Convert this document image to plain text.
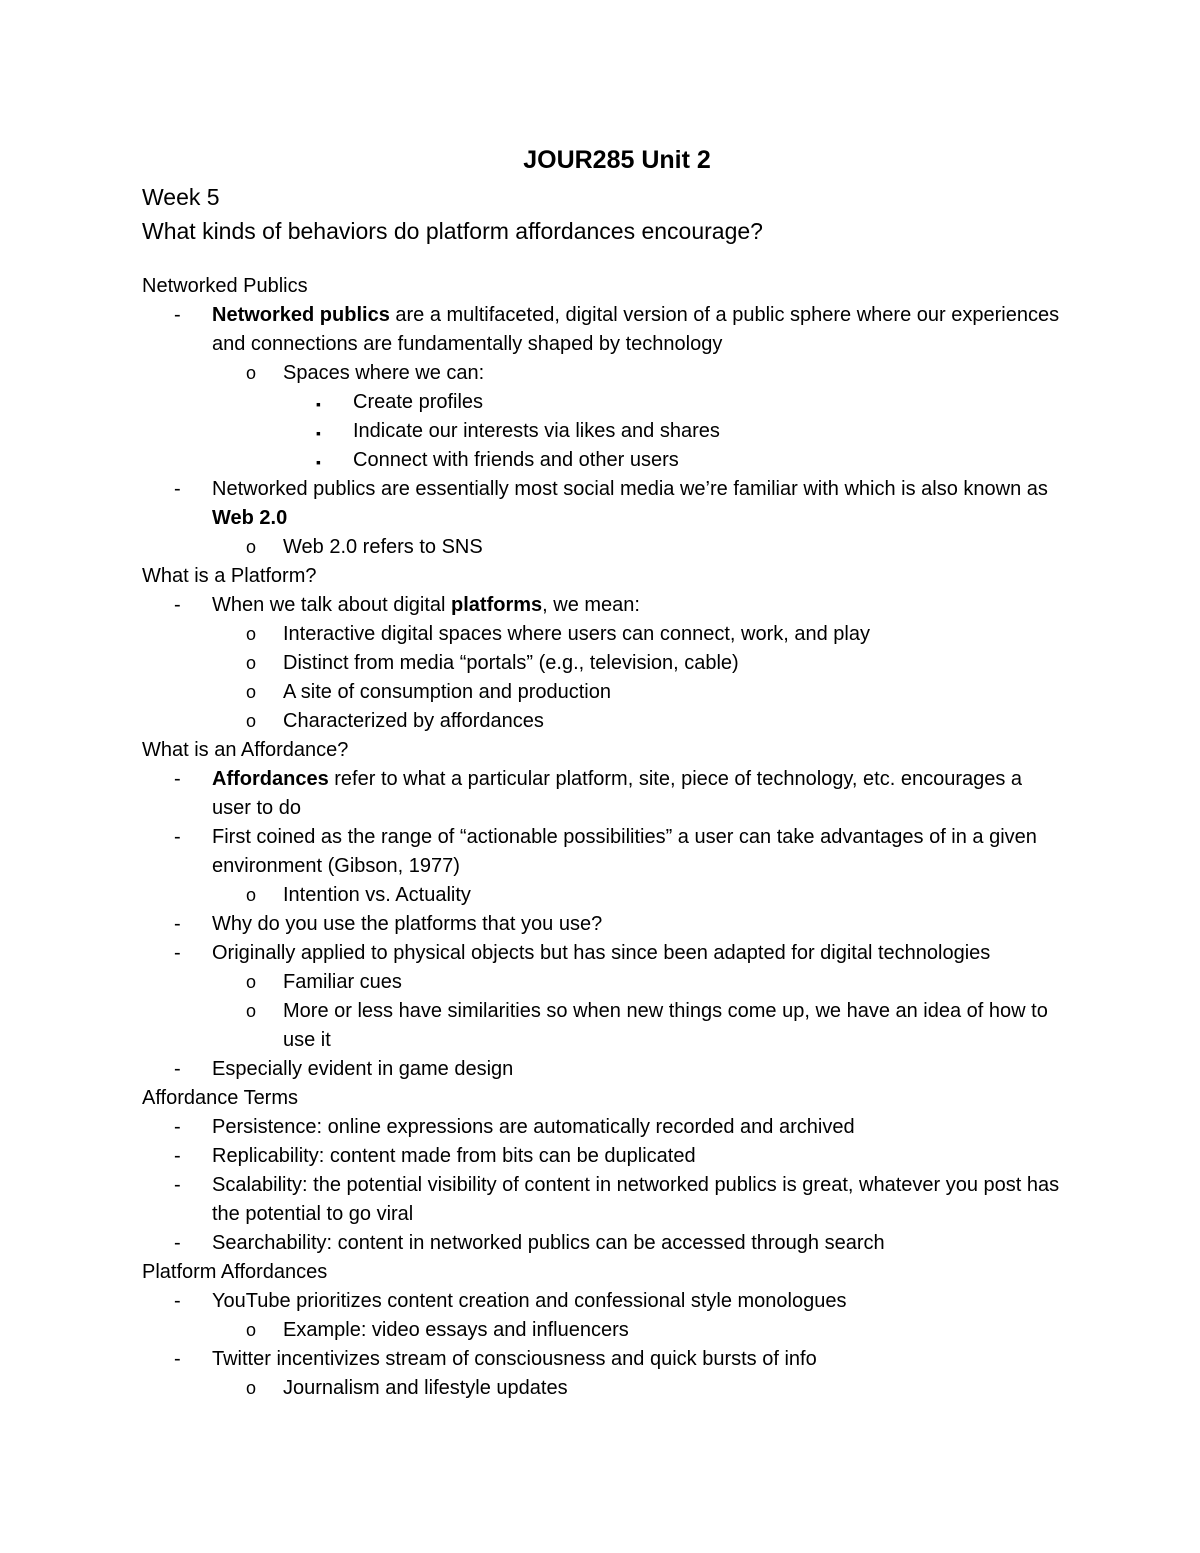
JOUR285 Unit 2

Week 5

What kinds of behaviors do platform affordances encourage?

Networked Publics

- Networked publics are a multifaceted, digital version of a public sphere where our experiences and connections are fundamentally shaped by technology
o Spaces where we can:
▪ Create profiles
▪ Indicate our interests via likes and shares
▪ Connect with friends and other users
- Networked publics are essentially most social media we’re familiar with which is also known as Web 2.0
o Web 2.0 refers to SNS

What is a Platform?

- When we talk about digital platforms, we mean:
o Interactive digital spaces where users can connect, work, and play
o Distinct from media “portals” (e.g., television, cable)
o A site of consumption and production
o Characterized by affordances

What is an Affordance?

- Affordances refer to what a particular platform, site, piece of technology, etc. encourages a user to do
- First coined as the range of “actionable possibilities” a user can take advantages of in a given environment (Gibson, 1977)
o Intention vs. Actuality
- Why do you use the platforms that you use?
- Originally applied to physical objects but has since been adapted for digital technologies
o Familiar cues
o More or less have similarities so when new things come up, we have an idea of how to use it
- Especially evident in game design

Affordance Terms

- Persistence: online expressions are automatically recorded and archived
- Replicability: content made from bits can be duplicated
- Scalability: the potential visibility of content in networked publics is great, whatever you post has the potential to go viral
- Searchability: content in networked publics can be accessed through search

Platform Affordances

- YouTube prioritizes content creation and confessional style monologues
o Example: video essays and influencers
- Twitter incentivizes stream of consciousness and quick bursts of info
o Journalism and lifestyle updates
